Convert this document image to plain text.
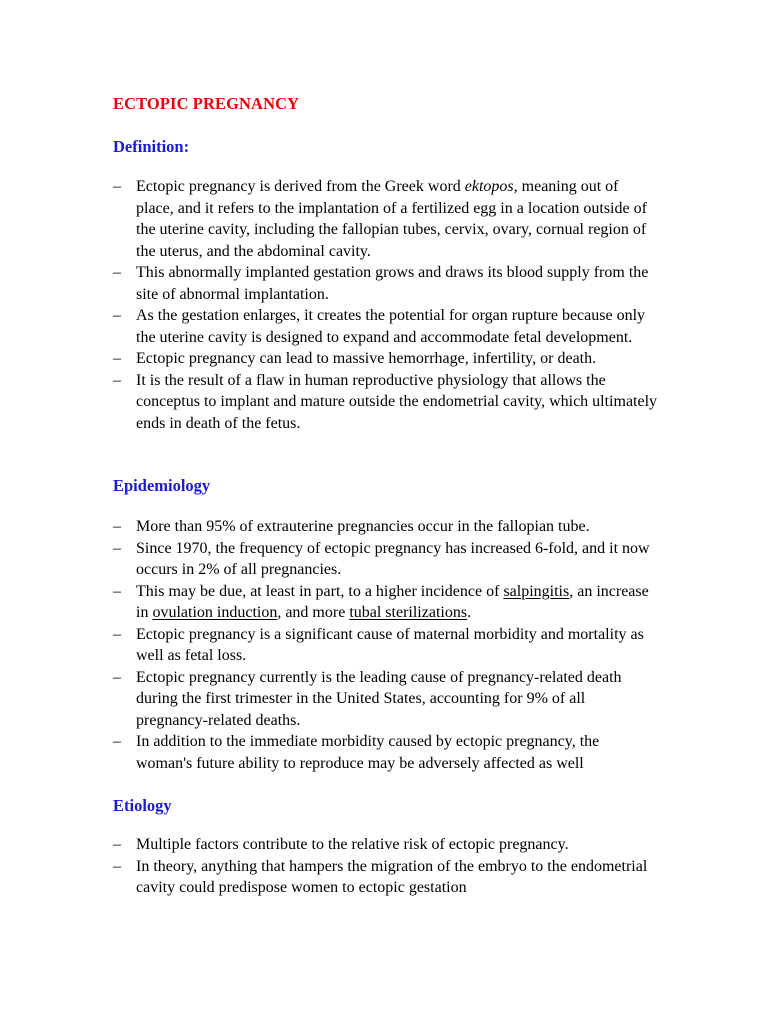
ECTOPIC PREGNANCY
Definition:
– Ectopic pregnancy is derived from the Greek word ektopos, meaning out of place, and it refers to the implantation of a fertilized egg in a location outside of the uterine cavity, including the fallopian tubes, cervix, ovary, cornual region of the uterus, and the abdominal cavity.
– This abnormally implanted gestation grows and draws its blood supply from the site of abnormal implantation.
– As the gestation enlarges, it creates the potential for organ rupture because only the uterine cavity is designed to expand and accommodate fetal development.
– Ectopic pregnancy can lead to massive hemorrhage, infertility, or death.
– It is the result of a flaw in human reproductive physiology that allows the conceptus to implant and mature outside the endometrial cavity, which ultimately ends in death of the fetus.
Epidemiology
– More than 95% of extrauterine pregnancies occur in the fallopian tube.
– Since 1970, the frequency of ectopic pregnancy has increased 6-fold, and it now occurs in 2% of all pregnancies.
– This may be due, at least in part, to a higher incidence of salpingitis, an increase in ovulation induction, and more tubal sterilizations.
– Ectopic pregnancy is a significant cause of maternal morbidity and mortality as well as fetal loss.
– Ectopic pregnancy currently is the leading cause of pregnancy-related death during the first trimester in the United States, accounting for 9% of all pregnancy-related deaths.
– In addition to the immediate morbidity caused by ectopic pregnancy, the woman's future ability to reproduce may be adversely affected as well
Etiology
– Multiple factors contribute to the relative risk of ectopic pregnancy.
– In theory, anything that hampers the migration of the embryo to the endometrial cavity could predispose women to ectopic gestation
